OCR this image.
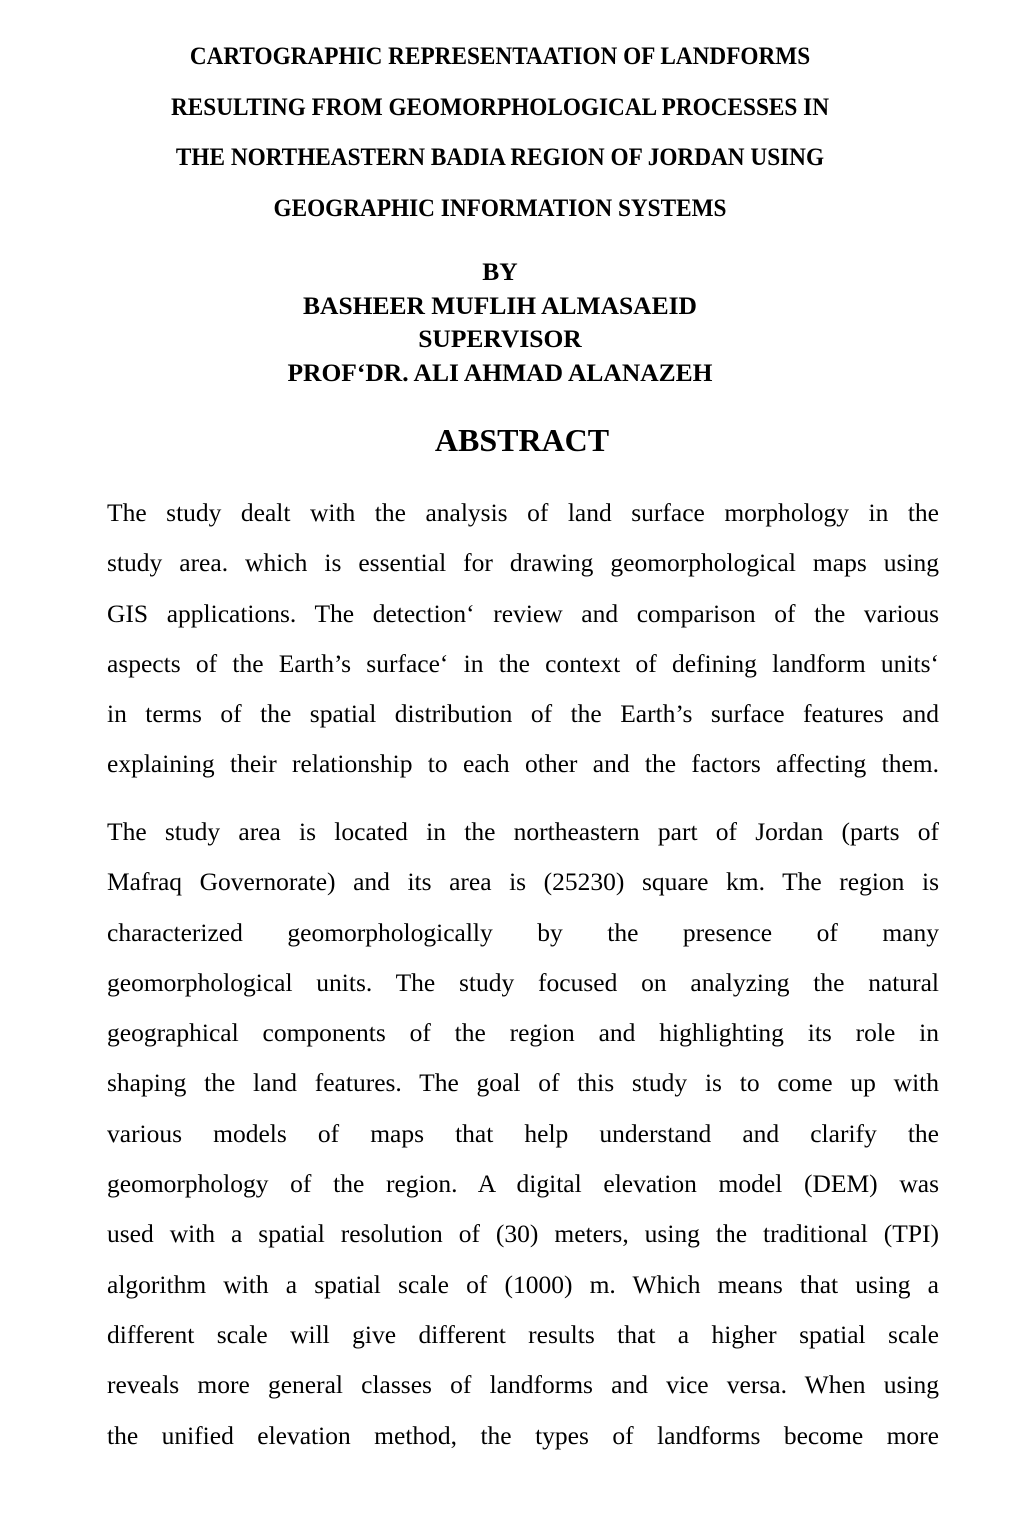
CARTOGRAPHIC REPRESENTAATION OF LANDFORMS
RESULTING FROM GEOMORPHOLOGICAL PROCESSES IN
THE NORTHEASTERN BADIA REGION OF JORDAN USING
GEOGRAPHIC INFORMATION SYSTEMS
BY
BASHEER MUFLIH ALMASAEID
SUPERVISOR
PROF‘DR. ALI AHMAD ALANAZEH
ABSTRACT
The study dealt with the analysis of land surface morphology in the
study area. which is essential for drawing geomorphological maps using
GIS applications. The detection‘ review and comparison of the various
aspects of the Earth’s surface‘ in the context of defining landform units‘
in terms of the spatial distribution of the Earth’s surface features and
explaining their relationship to each other and the factors affecting them.
The study area is located in the northeastern part of Jordan (parts of
Mafraq Governorate) and its area is (25230) square km. The region is
characterized geomorphologically by the presence of many
geomorphological units. The study focused on analyzing the natural
geographical components of the region and highlighting its role in
shaping the land features. The goal of this study is to come up with
various models of maps that help understand and clarify the
geomorphology of the region. A digital elevation model (DEM) was
used with a spatial resolution of (30) meters, using the traditional (TPI)
algorithm with a spatial scale of (1000) m. Which means that using a
different scale will give different results that a higher spatial scale
reveals more general classes of landforms and vice versa. When using
the unified elevation method, the types of landforms become more
